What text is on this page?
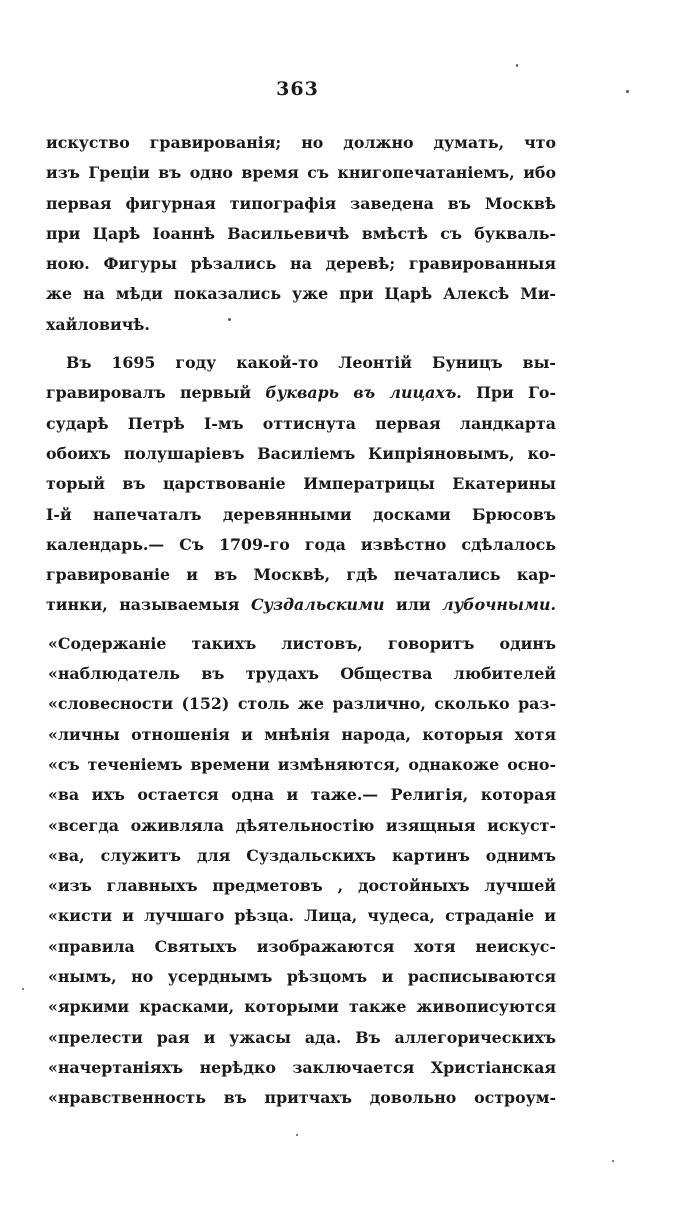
363
искуство гравированія; но должно думать, что
изъ Грецiи въ одно время съ книгопечатаніемъ, ибо
первая фигурная типографія заведена въ Москвѣ
при Царѣ Іоаннѣ Васильевичѣ вмѣстѣ съ букваль-
ною. Фигуры рѣзались на деревѣ; гравированныя
же на мѣди показались уже при Царѣ Алексѣ Ми-
хайловичѣ.
Въ 1695 году какой-то Леонтій Буницъ вы-
гравировалъ первый букварь въ лицахъ. При Го-
сударѣ Петрѣ І-мъ оттиснута первая ландкарта
обоихъ полушаріевъ Василіемъ Кипріяновымъ, ко-
торый въ царствованіе Императрицы Екатерины
І-й напечаталъ деревянными досками Брюсовъ
календарь.— Съ 1709-го года извѣстно сдѣлалось
гравированіе и въ Москвѣ, гдѣ печатались кар-
тинки, называемыя Суздальскими или лубочными.
«Содержаніе такихъ листовъ, говоритъ одинъ
«наблюдатель въ трудахъ Общества любителей
«словесности (152) столь же различно, сколько раз-
«личны отношенія и мнѣнія народа, которыя хотя
«съ теченіемъ времени измѣняются, однакоже осно-
«ва ихъ остается одна и таже.— Религія, которая
«всегда оживляла дѣятельностію изящныя искуст-
«ва, служитъ для Суздальскихъ картинъ однимъ
«изъ главныхъ предметовъ , достойныхъ лучшей
«кисти и лучшаго рѣзца. Лица, чудеса, страданіе и
«правила Святыхъ изображаются хотя неискус-
«нымъ, но усерднымъ рѣзцомъ и расписываются
«яркими красками, которыми также живописуются
«прелести рая и ужасы ада. Въ аллегорическихъ
«начертаніяхъ нерѣдко заключается Христіанская
«нравственность въ притчахъ довольно остроум-
